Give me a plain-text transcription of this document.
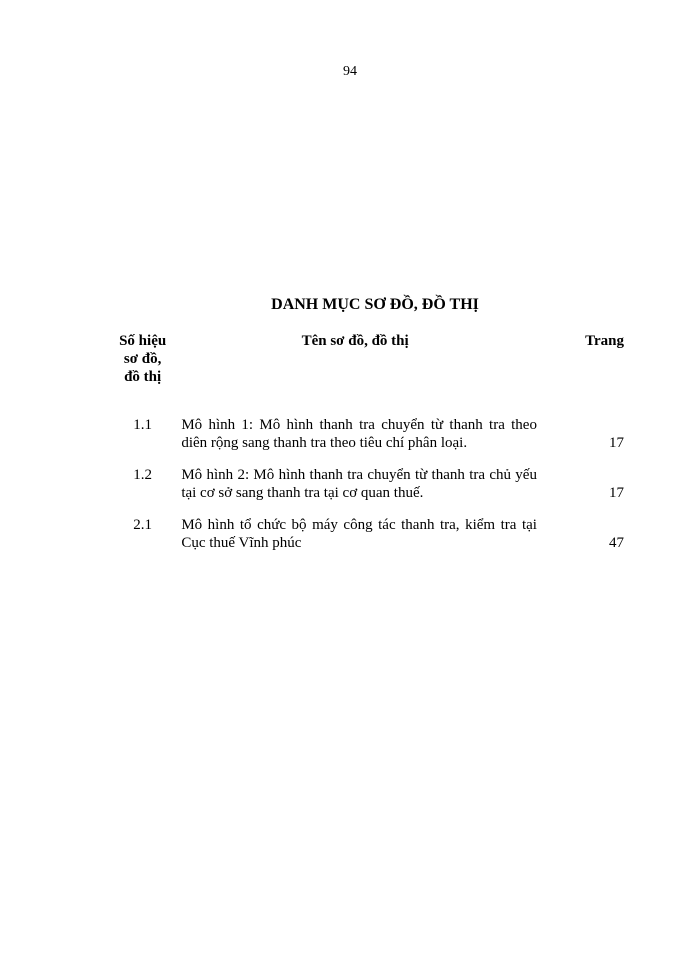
94
DANH MỤC SƠ ĐỒ, ĐỒ THỊ
Số hiệu
sơ đồ,
đồ thị	Tên sơ đồ, đồ thị	Trang
1.1	Mô hình 1: Mô hình thanh tra chuyển từ thanh tra theo diên rộng sang thanh tra theo tiêu chí phân loại.	17
1.2	Mô hình 2: Mô hình thanh tra chuyển từ thanh tra chủ yếu tại cơ sở sang thanh tra tại cơ quan thuế.	17
2.1	Mô hình tổ chức bộ máy công tác thanh tra, kiểm tra tại Cục thuế Vĩnh phúc	47
